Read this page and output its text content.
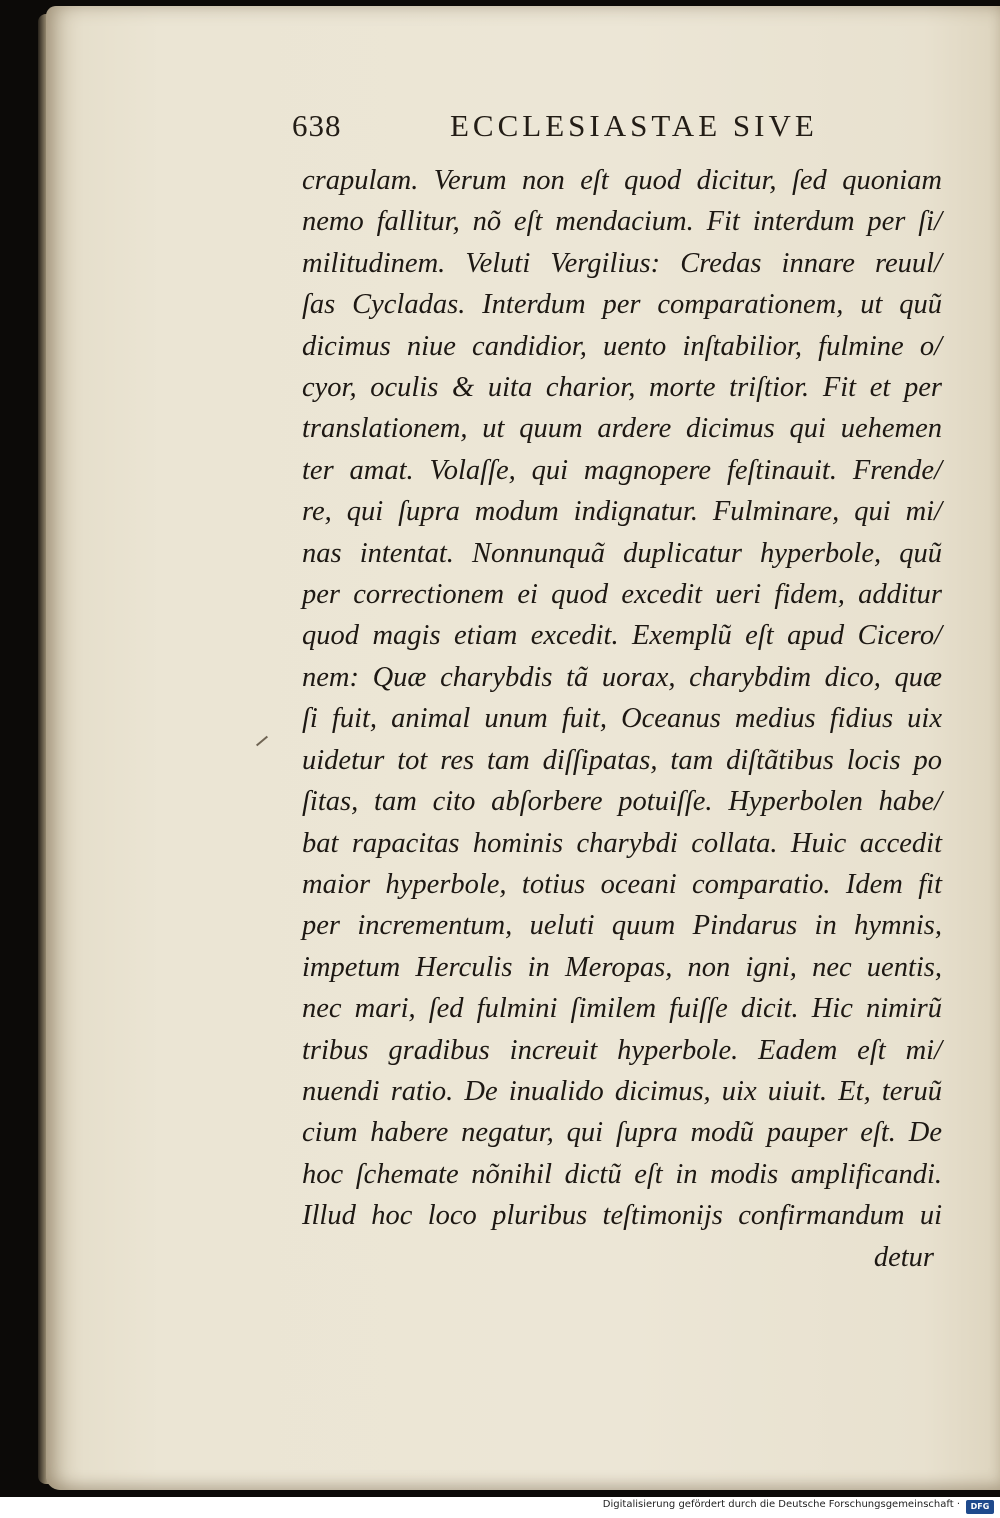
638	ECCLESIASTAE SIVE
crapulam. Verum non eſt quod dicitur, ſed quoniam
nemo fallitur, nõ eſt mendacium. Fit interdum per ſi/
militudinem. Veluti Vergilius: Credas innare reuul/
ſas Cycladas. Interdum per comparationem, ut quũ
dicimus niue candidior, uento inſtabilior, fulmine o/
cyor, oculis & uita charior, morte triſtior. Fit et per
translationem, ut quum ardere dicimus qui uehemen
ter amat. Volaſſe, qui magnopere feſtinauit. Frende/
re, qui ſupra modum indignatur. Fulminare, qui mi/
nas intentat. Nonnunquã duplicatur hyperbole, quũ
per correctionem ei quod excedit ueri fidem, additur
quod magis etiam excedit. Exemplũ eſt apud Cicero/
nem: Quæ charybdis tã uorax, charybdim dico, quæ
ſi fuit, animal unum fuit, Oceanus medius fidius uix
uidetur tot res tam diſſipatas, tam diſtãtibus locis po
ſitas, tam cito abſorbere potuiſſe. Hyperbolen habe/
bat rapacitas hominis charybdi collata. Huic accedit
maior hyperbole, totius oceani comparatio. Idem fit
per incrementum, ueluti quum Pindarus in hymnis,
impetum Herculis in Meropas, non igni, nec uentis,
nec mari, ſed fulmini ſimilem fuiſſe dicit. Hic nimirũ
tribus gradibus increuit hyperbole. Eadem eſt mi/
nuendi ratio. De inualido dicimus, uix uiuit. Et, teruũ
cium habere negatur, qui ſupra modũ pauper eſt. De
hoc ſchemate nõnihil dictũ eſt in modis amplificandi.
Illud hoc loco pluribus teſtimonijs confirmandum ui
detur
Digitalisierung gefördert durch die Deutsche Forschungsgemeinschaft ·	DFG
